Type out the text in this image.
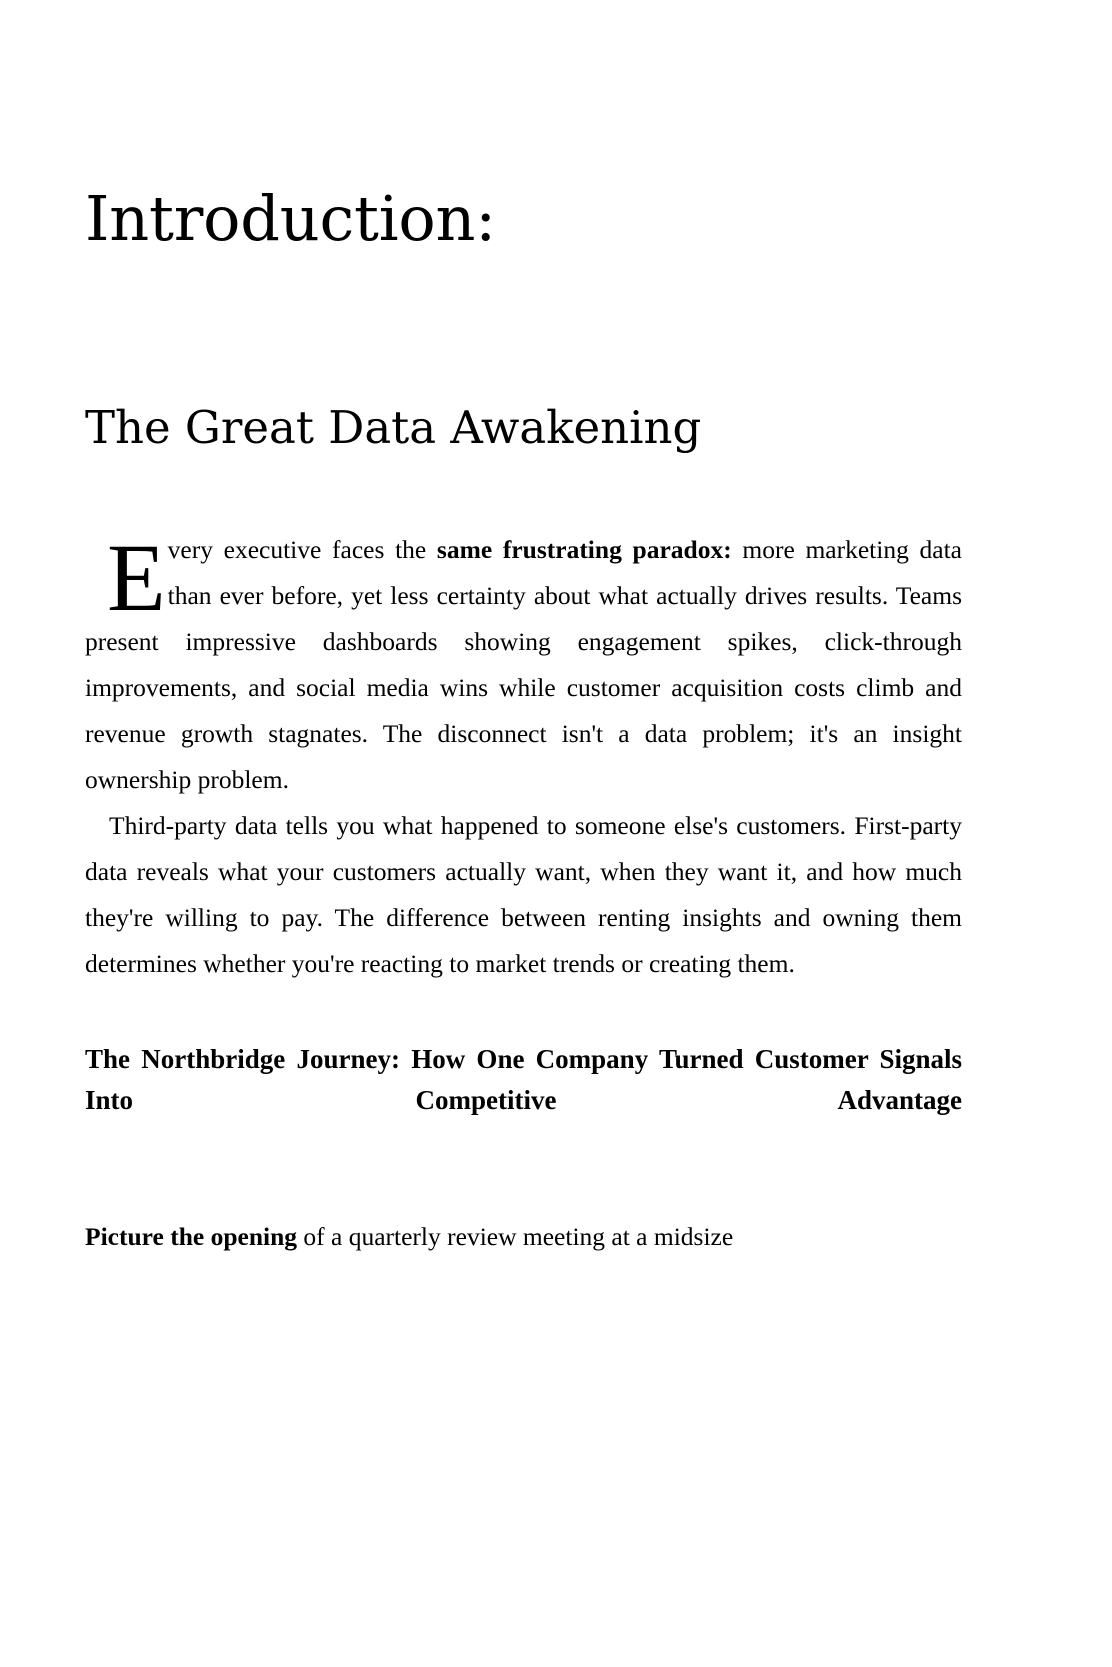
Introduction:
The Great Data Awakening

Every executive faces the same frustrating paradox: more marketing data than ever before, yet less certainty about what actually drives results. Teams present impressive dashboards showing engagement spikes, click-through improvements, and social media wins while customer acquisition costs climb and revenue growth stagnates. The disconnect isn't a data problem; it's an insight ownership problem.

Third-party data tells you what happened to someone else's customers. First-party data reveals what your customers actually want, when they want it, and how much they're willing to pay. The difference between renting insights and owning them determines whether you're reacting to market trends or creating them.

The Northbridge Journey: How One Company Turned Customer Signals Into Competitive Advantage

Picture the opening of a quarterly review meeting at a midsize
